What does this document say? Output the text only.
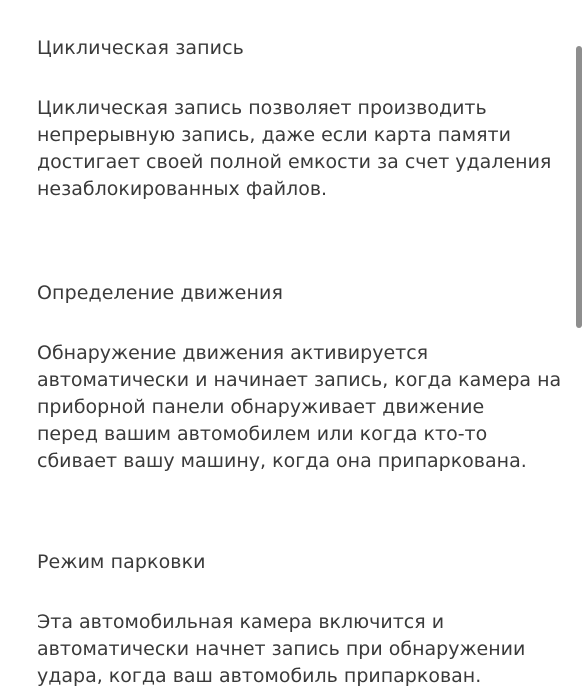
Циклическая запись
Циклическая запись позволяет производить
непрерывную запись, даже если карта памяти
достигает своей полной емкости за счет удаления
незаблокированных файлов.
Определение движения
Обнаружение движения активируется
автоматически и начинает запись, когда камера на
приборной панели обнаруживает движение
перед вашим автомобилем или когда кто-то
сбивает вашу машину, когда она припаркована.
Режим парковки
Эта автомобильная камера включится и
автоматически начнет запись при обнаружении
удара, когда ваш автомобиль припаркован.
